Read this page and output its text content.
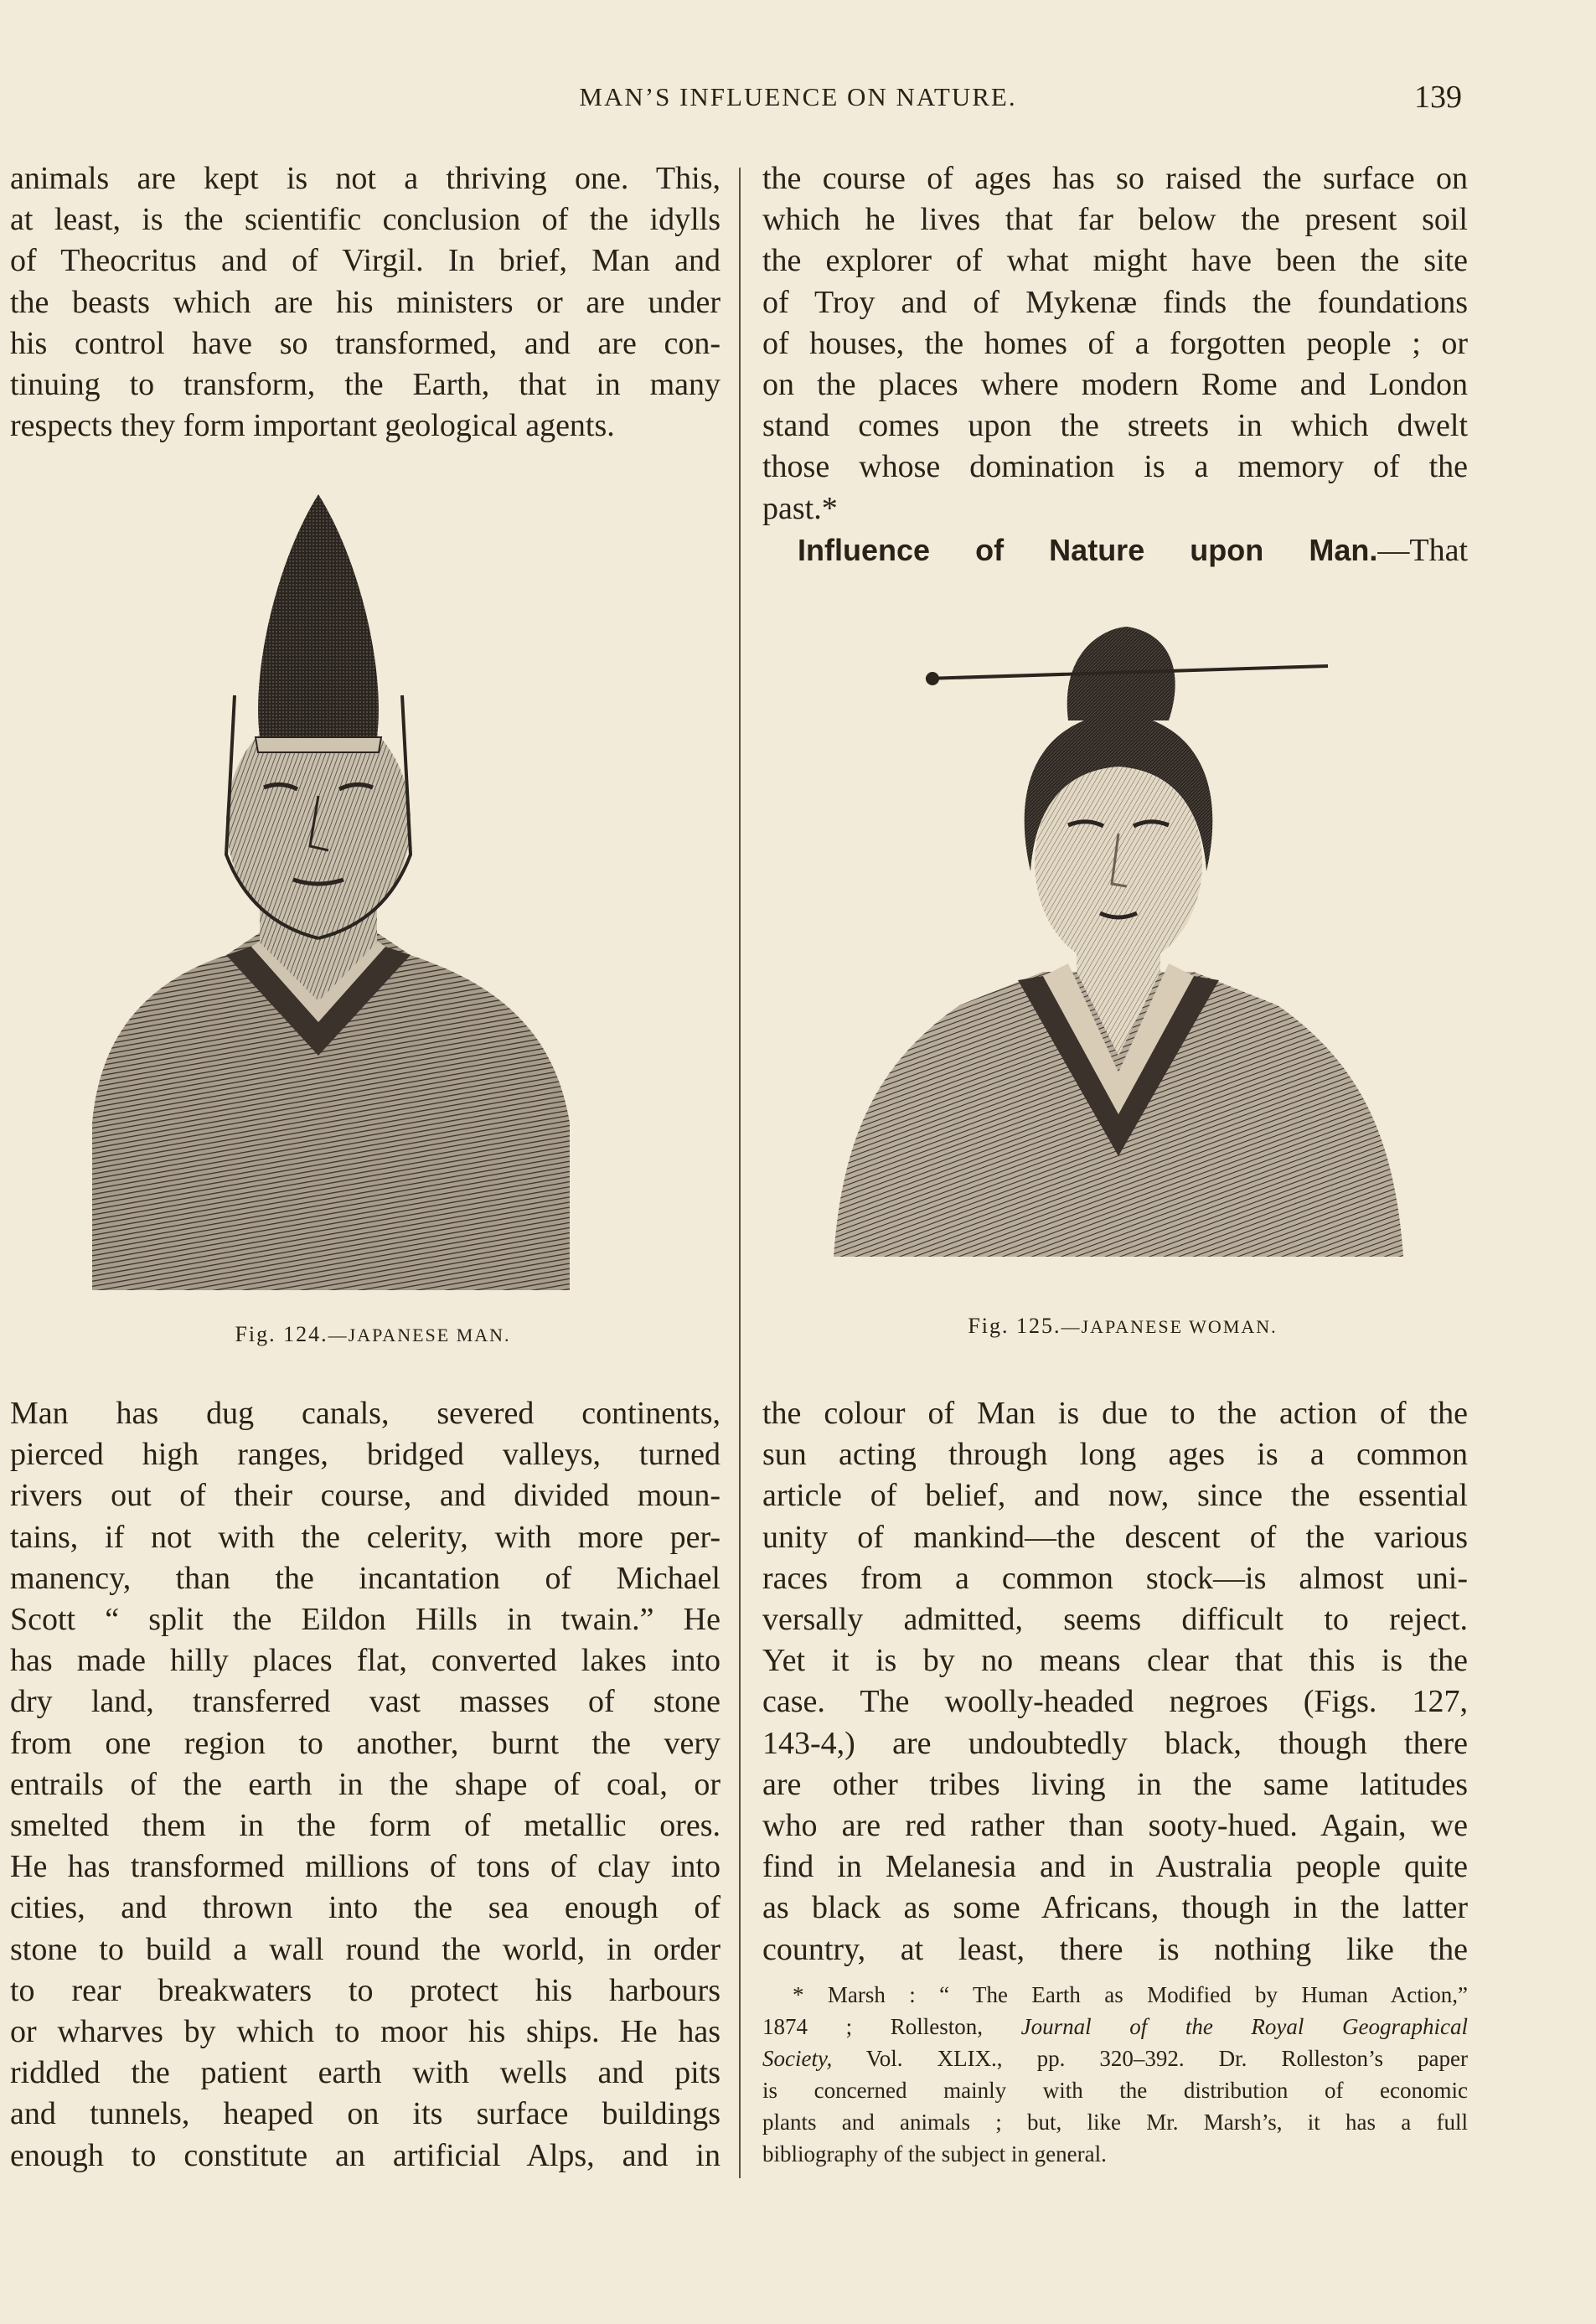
MAN’S INFLUENCE ON NATURE.	139

animals are kept is not a thriving one. This,

at least, is the scientific conclusion of the idylls

of Theocritus and of Virgil. In brief, Man and

the beasts which are his ministers or are under

his control have so transformed, and are con-

tinuing to transform, the Earth, that in many

respects they form important geological agents.

the course of ages has so raised the surface on

which he lives that far below the present soil

the explorer of what might have been the site

of Troy and of Mykenæ finds the foundations

of houses, the homes of a forgotten people ; or

on the places where modern Rome and London

stand comes upon the streets in which dwelt

those whose domination is a memory of the

past.*

Influence of Nature upon Man.—That

Fig. 124.—JAPANESE MAN.	Fig. 125.—JAPANESE WOMAN.

Man has dug canals, severed continents,

pierced high ranges, bridged valleys, turned

rivers out of their course, and divided moun-

tains, if not with the celerity, with more per-

manency, than the incantation of Michael

Scott “ split the Eildon Hills in twain.” He

has made hilly places flat, converted lakes into

dry land, transferred vast masses of stone

from one region to another, burnt the very

entrails of the earth in the shape of coal, or

smelted them in the form of metallic ores.

He has transformed millions of tons of clay into

cities, and thrown into the sea enough of

stone to build a wall round the world, in order

to rear breakwaters to protect his harbours

or wharves by which to moor his ships. He has

riddled the patient earth with wells and pits

and tunnels, heaped on its surface buildings

enough to constitute an artificial Alps, and in

the colour of Man is due to the action of the

sun acting through long ages is a common

article of belief, and now, since the essential

unity of mankind—the descent of the various

races from a common stock—is almost uni-

versally admitted, seems difficult to reject.

Yet it is by no means clear that this is the

case. The woolly-headed negroes (Figs. 127,

143-4,) are undoubtedly black, though there

are other tribes living in the same latitudes

who are red rather than sooty-hued. Again, we

find in Melanesia and in Australia people quite

as black as some Africans, though in the latter

country, at least, there is nothing like the

* Marsh : “ The Earth as Modified by Human Action,”

1874 ; Rolleston, Journal of the Royal Geographical

Society, Vol. XLIX., pp. 320–392. Dr. Rolleston’s paper

is concerned mainly with the distribution of economic

plants and animals ; but, like Mr. Marsh’s, it has a full

bibliography of the subject in general.
